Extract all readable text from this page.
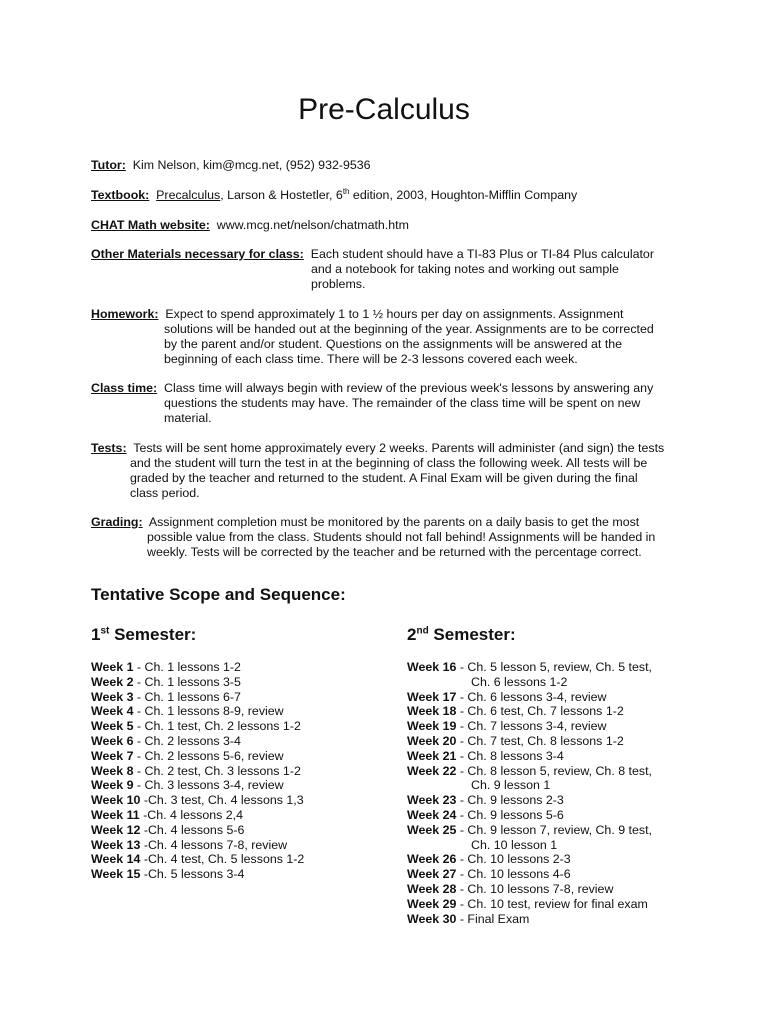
Pre-Calculus
Tutor: Kim Nelson, kim@mcg.net, (952) 932-9536
Textbook: Precalculus, Larson & Hostetler, 6th edition, 2003, Houghton-Mifflin Company
CHAT Math website: www.mcg.net/nelson/chatmath.htm
Other Materials necessary for class: Each student should have a TI-83 Plus or TI-84 Plus calculator
and a notebook for taking notes and working out sample
problems.
Homework: Expect to spend approximately 1 to 1 ½ hours per day on assignments. Assignment
solutions will be handed out at the beginning of the year. Assignments are to be corrected
by the parent and/or student. Questions on the assignments will be answered at the
beginning of each class time. There will be 2-3 lessons covered each week.
Class time: Class time will always begin with review of the previous week's lessons by answering any
questions the students may have. The remainder of the class time will be spent on new
material.
Tests: Tests will be sent home approximately every 2 weeks. Parents will administer (and sign) the tests
and the student will turn the test in at the beginning of class the following week. All tests will be
graded by the teacher and returned to the student. A Final Exam will be given during the final
class period.
Grading: Assignment completion must be monitored by the parents on a daily basis to get the most
possible value from the class. Students should not fall behind! Assignments will be handed in
weekly. Tests will be corrected by the teacher and be returned with the percentage correct.
Tentative Scope and Sequence:
1st Semester:	2nd Semester:
Week 1 - Ch. 1 lessons 1-2
Week 2 - Ch. 1 lessons 3-5
Week 3 - Ch. 1 lessons 6-7
Week 4 - Ch. 1 lessons 8-9, review
Week 5 - Ch. 1 test, Ch. 2 lessons 1-2
Week 6 - Ch. 2 lessons 3-4
Week 7 - Ch. 2 lessons 5-6, review
Week 8 - Ch. 2 test, Ch. 3 lessons 1-2
Week 9 - Ch. 3 lessons 3-4, review
Week 10 -Ch. 3 test, Ch. 4 lessons 1,3
Week 11 -Ch. 4 lessons 2,4
Week 12 -Ch. 4 lessons 5-6
Week 13 -Ch. 4 lessons 7-8, review
Week 14 -Ch. 4 test, Ch. 5 lessons 1-2
Week 15 -Ch. 5 lessons 3-4
Week 16 - Ch. 5 lesson 5, review, Ch. 5 test,
Ch. 6 lessons 1-2
Week 17 - Ch. 6 lessons 3-4, review
Week 18 - Ch. 6 test, Ch. 7 lessons 1-2
Week 19 - Ch. 7 lessons 3-4, review
Week 20 - Ch. 7 test, Ch. 8 lessons 1-2
Week 21 - Ch. 8 lessons 3-4
Week 22 - Ch. 8 lesson 5, review, Ch. 8 test,
Ch. 9 lesson 1
Week 23 - Ch. 9 lessons 2-3
Week 24 - Ch. 9 lessons 5-6
Week 25 - Ch. 9 lesson 7, review, Ch. 9 test,
Ch. 10 lesson 1
Week 26 - Ch. 10 lessons 2-3
Week 27 - Ch. 10 lessons 4-6
Week 28 - Ch. 10 lessons 7-8, review
Week 29 - Ch. 10 test, review for final exam
Week 30 - Final Exam
